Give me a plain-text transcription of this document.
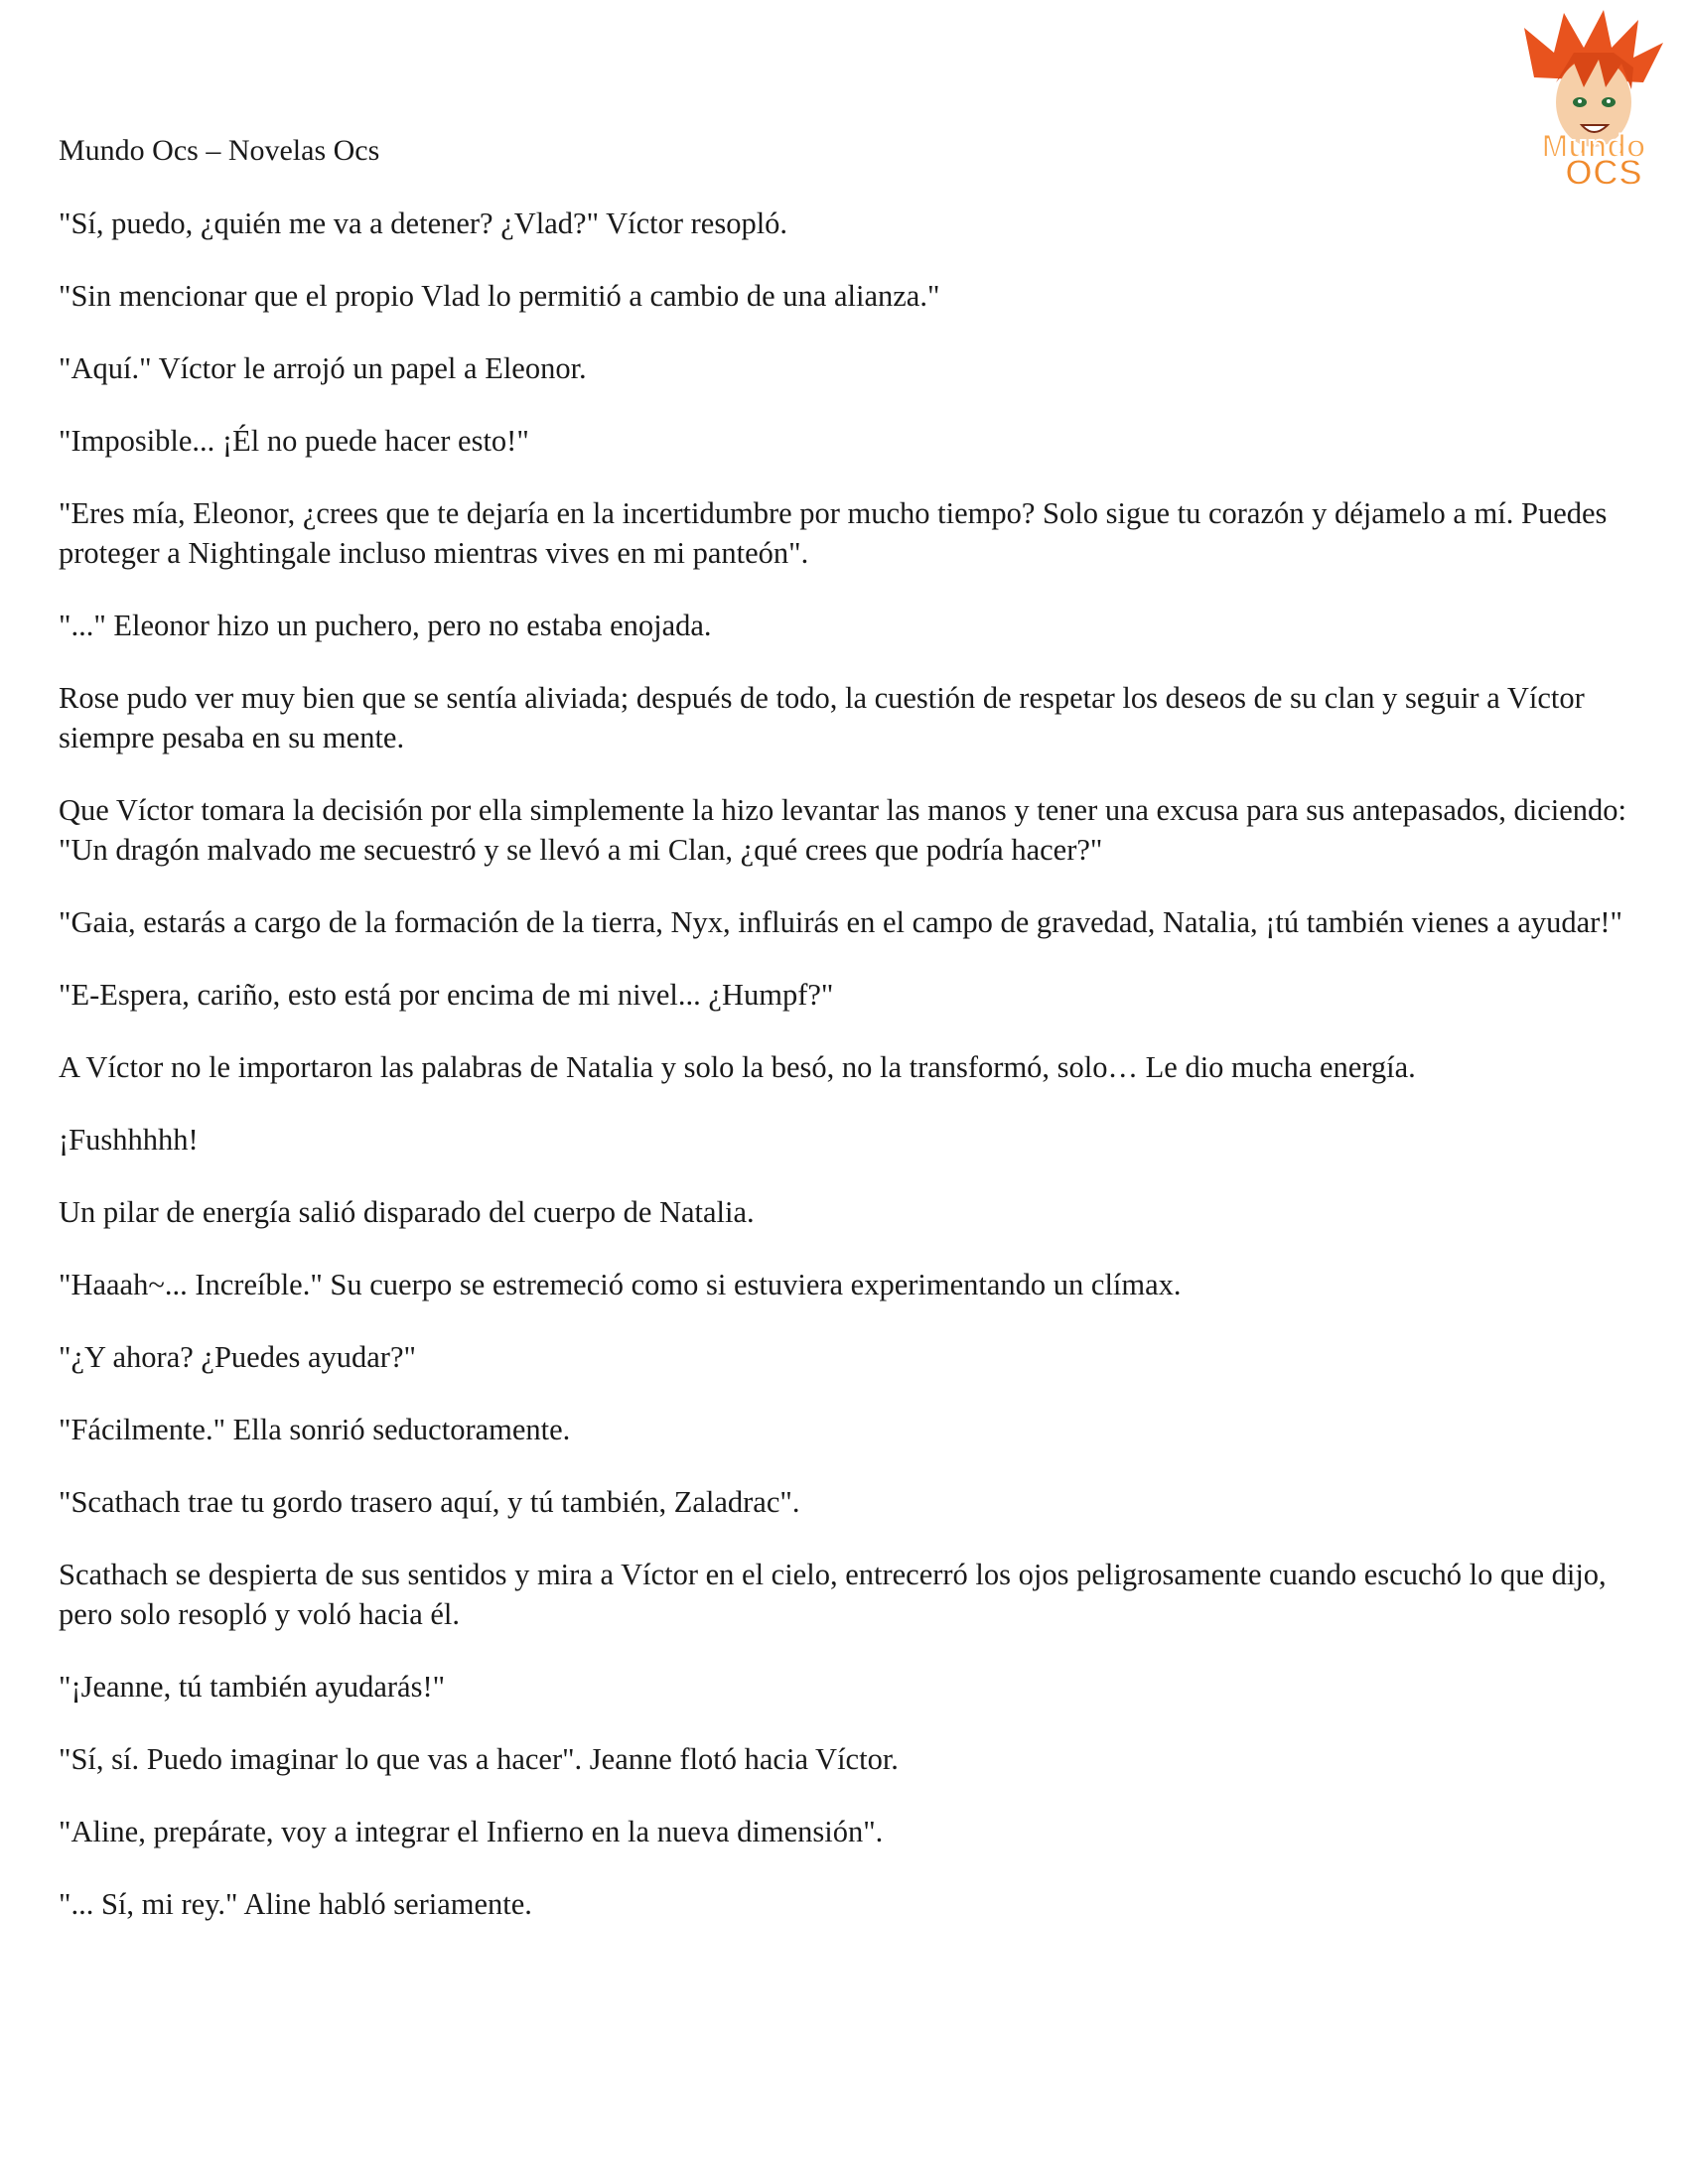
Mundo Ocs – Novelas Ocs	Mundo
OCS

"Sí, puedo, ¿quién me va a detener? ¿Vlad?" Víctor resopló.

"Sin mencionar que el propio Vlad lo permitió a cambio de una alianza."

"Aquí." Víctor le arrojó un papel a Eleonor.

"Imposible... ¡Él no puede hacer esto!"

"Eres mía, Eleonor, ¿crees que te dejaría en la incertidumbre por mucho tiempo? Solo sigue tu corazón y déjamelo a mí. Puedes proteger a Nightingale incluso mientras vives en mi panteón".

"..." Eleonor hizo un puchero, pero no estaba enojada.

Rose pudo ver muy bien que se sentía aliviada; después de todo, la cuestión de respetar los deseos de su clan y seguir a Víctor siempre pesaba en su mente.

Que Víctor tomara la decisión por ella simplemente la hizo levantar las manos y tener una excusa para sus antepasados, diciendo: "Un dragón malvado me secuestró y se llevó a mi Clan, ¿qué crees que podría hacer?"

"Gaia, estarás a cargo de la formación de la tierra, Nyx, influirás en el campo de gravedad, Natalia, ¡tú también vienes a ayudar!"

"E-Espera, cariño, esto está por encima de mi nivel... ¿Humpf?"

A Víctor no le importaron las palabras de Natalia y solo la besó, no la transformó, solo… Le dio mucha energía.

¡Fushhhhh!

Un pilar de energía salió disparado del cuerpo de Natalia.

"Haaah~... Increíble." Su cuerpo se estremeció como si estuviera experimentando un clímax.

"¿Y ahora? ¿Puedes ayudar?"

"Fácilmente." Ella sonrió seductoramente.

"Scathach trae tu gordo trasero aquí, y tú también, Zaladrac".

Scathach se despierta de sus sentidos y mira a Víctor en el cielo, entrecerró los ojos peligrosamente cuando escuchó lo que dijo, pero solo resopló y voló hacia él.

"¡Jeanne, tú también ayudarás!"

"Sí, sí. Puedo imaginar lo que vas a hacer". Jeanne flotó hacia Víctor.

"Aline, prepárate, voy a integrar el Infierno en la nueva dimensión".

"... Sí, mi rey." Aline habló seriamente.
